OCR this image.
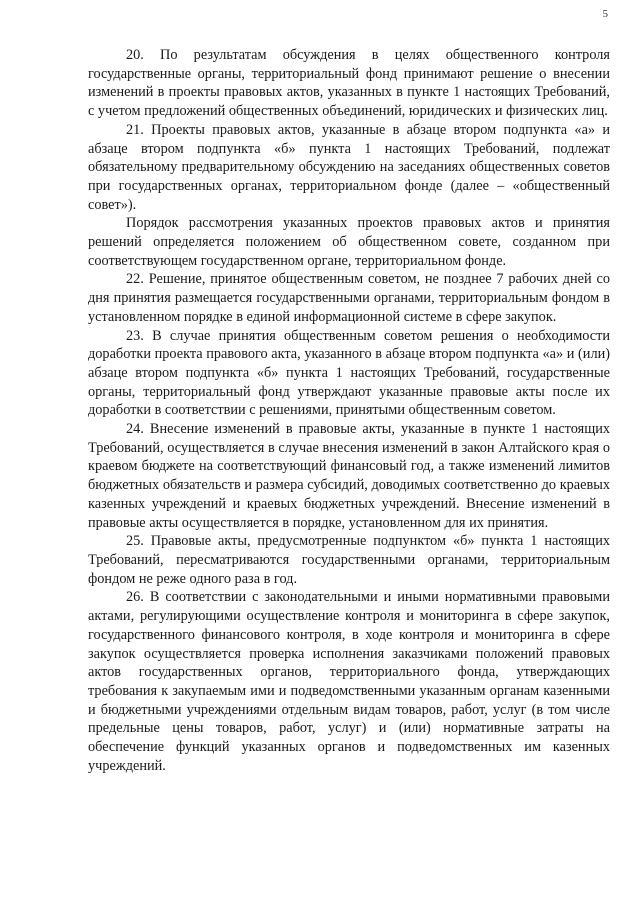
5

20. По результатам обсуждения в целях общественного контроля государственные органы, территориальный фонд принимают решение о внесении изменений в проекты правовых актов, указанных в пункте 1 настоящих Требований, с учетом предложений общественных объединений, юридических и физических лиц.

21. Проекты правовых актов, указанные в абзаце втором подпункта «а» и абзаце втором подпункта «б» пункта 1 настоящих Требований, подлежат обязательному предварительному обсуждению на заседаниях общественных советов при государственных органах, территориальном фонде (далее – «общественный совет»).

Порядок рассмотрения указанных проектов правовых актов и принятия решений определяется положением об общественном совете, созданном при соответствующем государственном органе, территориальном фонде.

22. Решение, принятое общественным советом, не позднее 7 рабочих дней со дня принятия размещается государственными органами, территориальным фондом в установленном порядке в единой информационной системе в сфере закупок.

23. В случае принятия общественным советом решения о необходимости доработки проекта правового акта, указанного в абзаце втором подпункта «а» и (или) абзаце втором подпункта «б» пункта 1 настоящих Требований, государственные органы, территориальный фонд утверждают указанные правовые акты после их доработки в соответствии с решениями, принятыми общественным советом.

24. Внесение изменений в правовые акты, указанные в пункте 1 настоящих Требований, осуществляется в случае внесения изменений в закон Алтайского края о краевом бюджете на соответствующий финансовый год, а также изменений лимитов бюджетных обязательств и размера субсидий, доводимых соответственно до краевых казенных учреждений и краевых бюджетных учреждений. Внесение изменений в правовые акты осуществляется в порядке, установленном для их принятия.

25. Правовые акты, предусмотренные подпунктом «б» пункта 1 настоящих Требований, пересматриваются государственными органами, территориальным фондом не реже одного раза в год.

26. В соответствии с законодательными и иными нормативными правовыми актами, регулирующими осуществление контроля и мониторинга в сфере закупок, государственного финансового контроля, в ходе контроля и мониторинга в сфере закупок осуществляется проверка исполнения заказчиками положений правовых актов государственных органов, территориального фонда, утверждающих требования к закупаемым ими и подведомственными указанным органам казенными и бюджетными учреждениями отдельным видам товаров, работ, услуг (в том числе предельные цены товаров, работ, услуг) и (или) нормативные затраты на обеспечение функций указанных органов и подведомственных им казенных учреждений.
